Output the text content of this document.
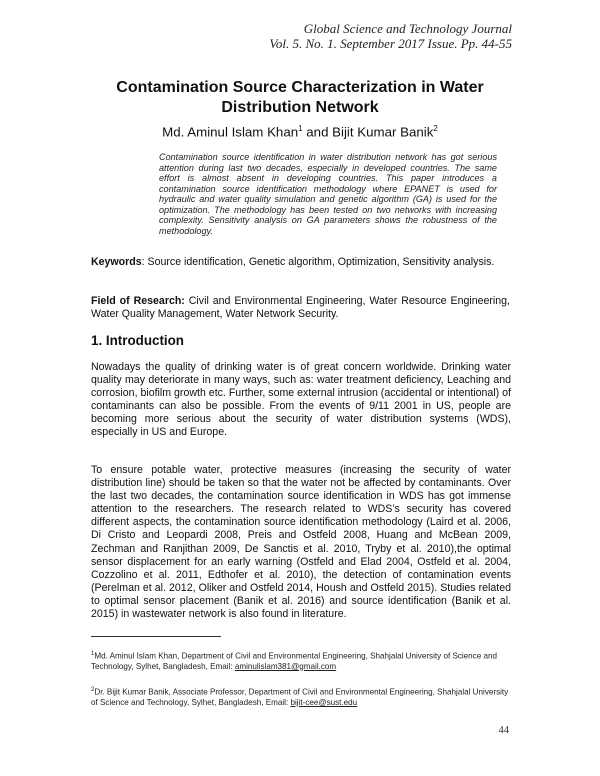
Global Science and Technology Journal
Vol. 5. No. 1. September 2017 Issue. Pp. 44-55
Contamination Source Characterization in Water Distribution Network
Md. Aminul Islam Khan$^1$ and Bijit Kumar Banik$^2$
Contamination source identification in water distribution network has got serious attention during last two decades, especially in developed countries. The same effort is almost absent in developing countries. This paper introduces a contamination source identification methodology where EPANET is used for hydraulic and water quality simulation and genetic algorithm (GA) is used for the optimization. The methodology has been tested on two networks with increasing complexity. Sensitivity analysis on GA parameters shows the robustness of the methodology.
Keywords: Source identification, Genetic algorithm, Optimization, Sensitivity analysis.
Field of Research: Civil and Environmental Engineering, Water Resource Engineering, Water Quality Management, Water Network Security.
1. Introduction
Nowadays the quality of drinking water is of great concern worldwide. Drinking water quality may deteriorate in many ways, such as: water treatment deficiency, Leaching and corrosion, biofilm growth etc. Further, some external intrusion (accidental or intentional) of contaminants can also be possible. From the events of 9/11 2001 in US, people are becoming more serious about the security of water distribution systems (WDS), especially in US and Europe.
To ensure potable water, protective measures (increasing the security of water distribution line) should be taken so that the water not be affected by contaminants. Over the last two decades, the contamination source identification in WDS has got immense attention to the researchers. The research related to WDS’s security has covered different aspects, the contamination source identification methodology (Laird et al. 2006, Di Cristo and Leopardi 2008, Preis and Ostfeld 2008, Huang and McBean 2009, Zechman and Ranjithan 2009, De Sanctis et al. 2010, Tryby et al. 2010),the optimal sensor displacement for an early warning (Ostfeld and Elad 2004, Ostfeld et al. 2004, Cozzolino et al. 2011, Edthofer et al. 2010), the detection of contamination events (Perelman et al. 2012, Oliker and Ostfeld 2014, Housh and Ostfeld 2015). Studies related to optimal sensor placement (Banik et al. 2016) and source identification (Banik et al. 2015) in wastewater network is also found in literature.
$^1$Md. Aminul Islam Khan, Department of Civil and Environmental Engineering, Shahjalal University of Science and Technology, Sylhet, Bangladesh, Email: aminulislam381@gmail.com
$^2$Dr. Bijit Kumar Banik, Associate Professor, Department of Civil and Environmental Engineering, Shahjalal University of Science and Technology, Sylhet, Bangladesh, Email: bijit-cee@sust.edu
44
